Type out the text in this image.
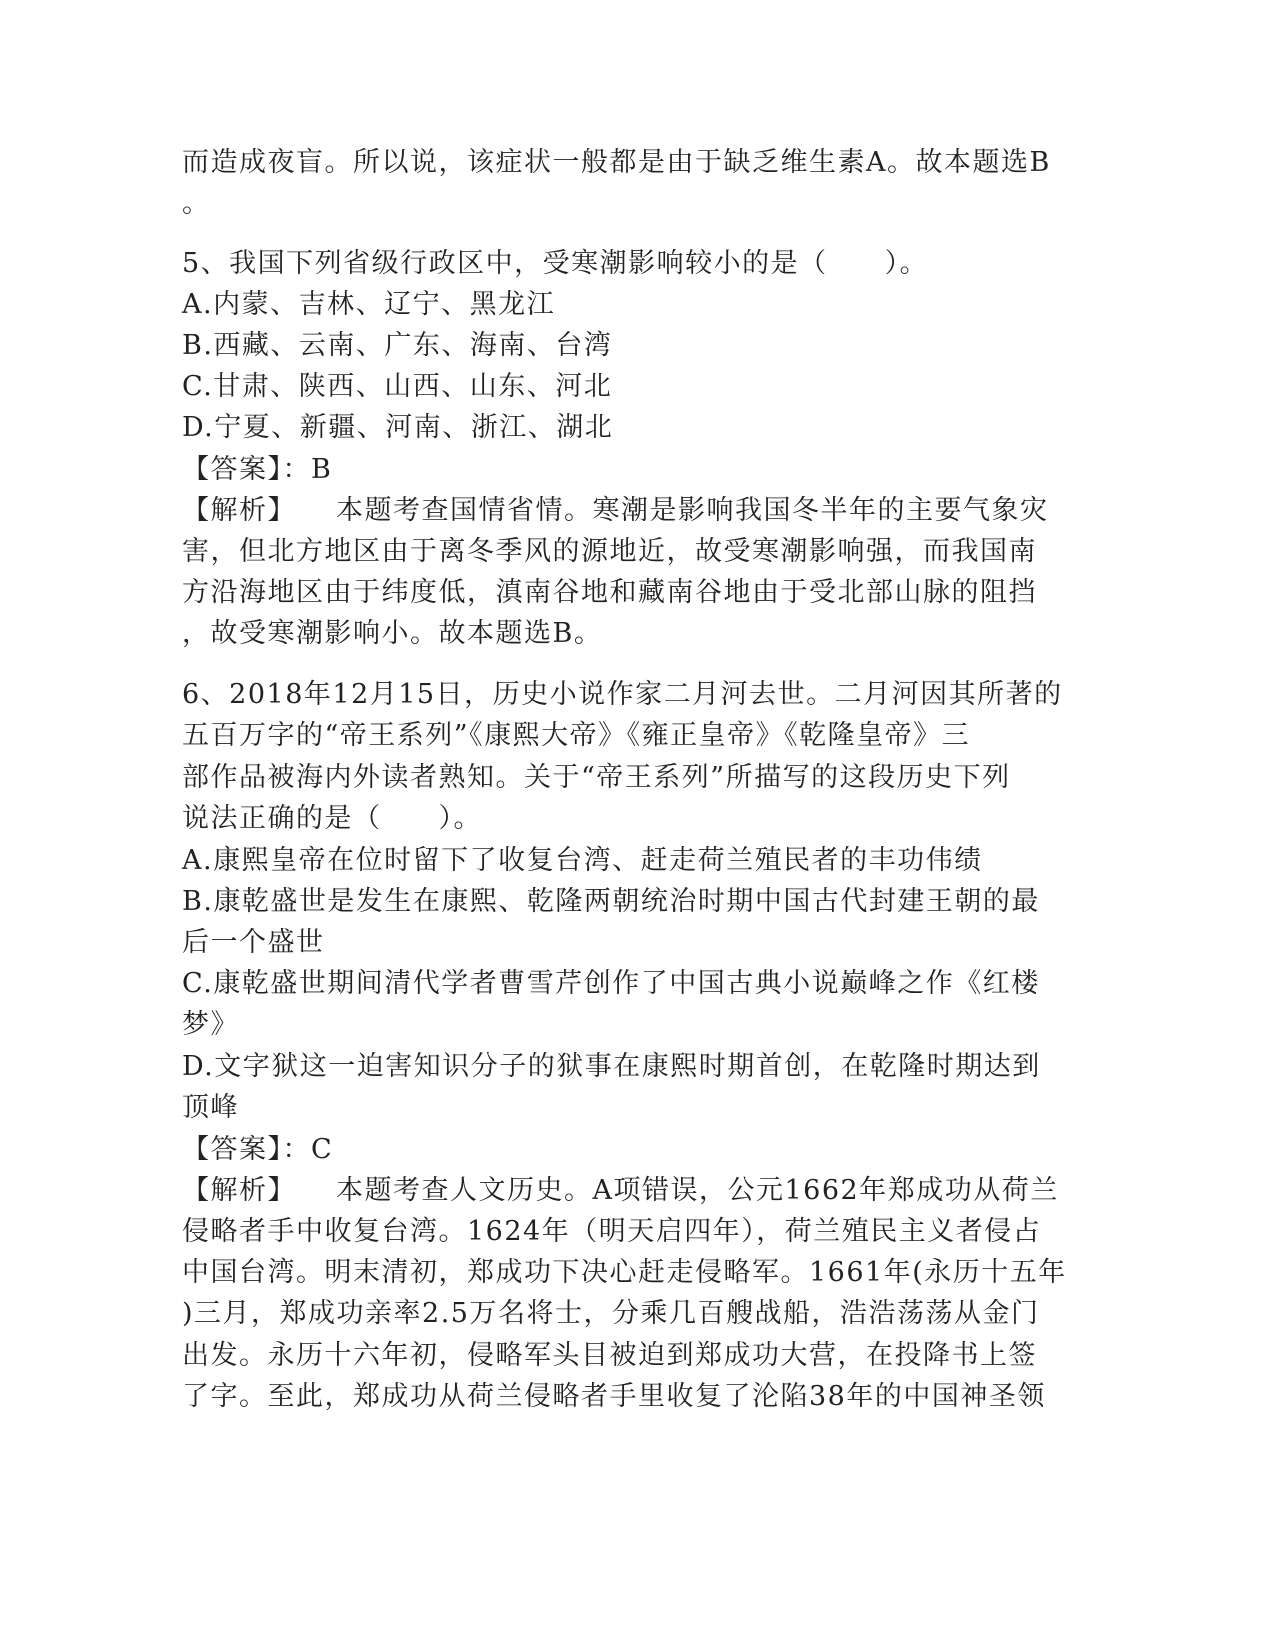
而造成夜盲。所以说，该症状一般都是由于缺乏维生素A。故本题选B
。
5、我国下列省级行政区中，受寒潮影响较小的是（　　）。
A.内蒙、吉林、辽宁、黑龙江
B.西藏、云南、广东、海南、台湾
C.甘肃、陕西、山西、山东、河北
D.宁夏、新疆、河南、浙江、湖北
【答案】：B
【解析】 本题考查国情省情。寒潮是影响我国冬半年的主要气象灾
害，但北方地区由于离冬季风的源地近，故受寒潮影响强，而我国南
方沿海地区由于纬度低，滇南谷地和藏南谷地由于受北部山脉的阻挡
，故受寒潮影响小。故本题选B。
6、2018年12月15日，历史小说作家二月河去世。二月河因其所著的
五百万字的“帝王系列”《康熙大帝》《雍正皇帝》《乾隆皇帝》三
部作品被海内外读者熟知。关于“帝王系列”所描写的这段历史下列
说法正确的是（　　）。
A.康熙皇帝在位时留下了收复台湾、赶走荷兰殖民者的丰功伟绩
B.康乾盛世是发生在康熙、乾隆两朝统治时期中国古代封建王朝的最
后一个盛世
C.康乾盛世期间清代学者曹雪芹创作了中国古典小说巅峰之作《红楼
梦》
D.文字狱这一迫害知识分子的狱事在康熙时期首创，在乾隆时期达到
顶峰
【答案】：C
【解析】 本题考查人文历史。A项错误，公元1662年郑成功从荷兰
侵略者手中收复台湾。1624年（明天启四年），荷兰殖民主义者侵占
中国台湾。明末清初，郑成功下决心赶走侵略军。1661年(永历十五年
)三月，郑成功亲率2.5万名将士，分乘几百艘战船，浩浩荡荡从金门
出发。永历十六年初，侵略军头目被迫到郑成功大营，在投降书上签
了字。至此，郑成功从荷兰侵略者手里收复了沦陷38年的中国神圣领
